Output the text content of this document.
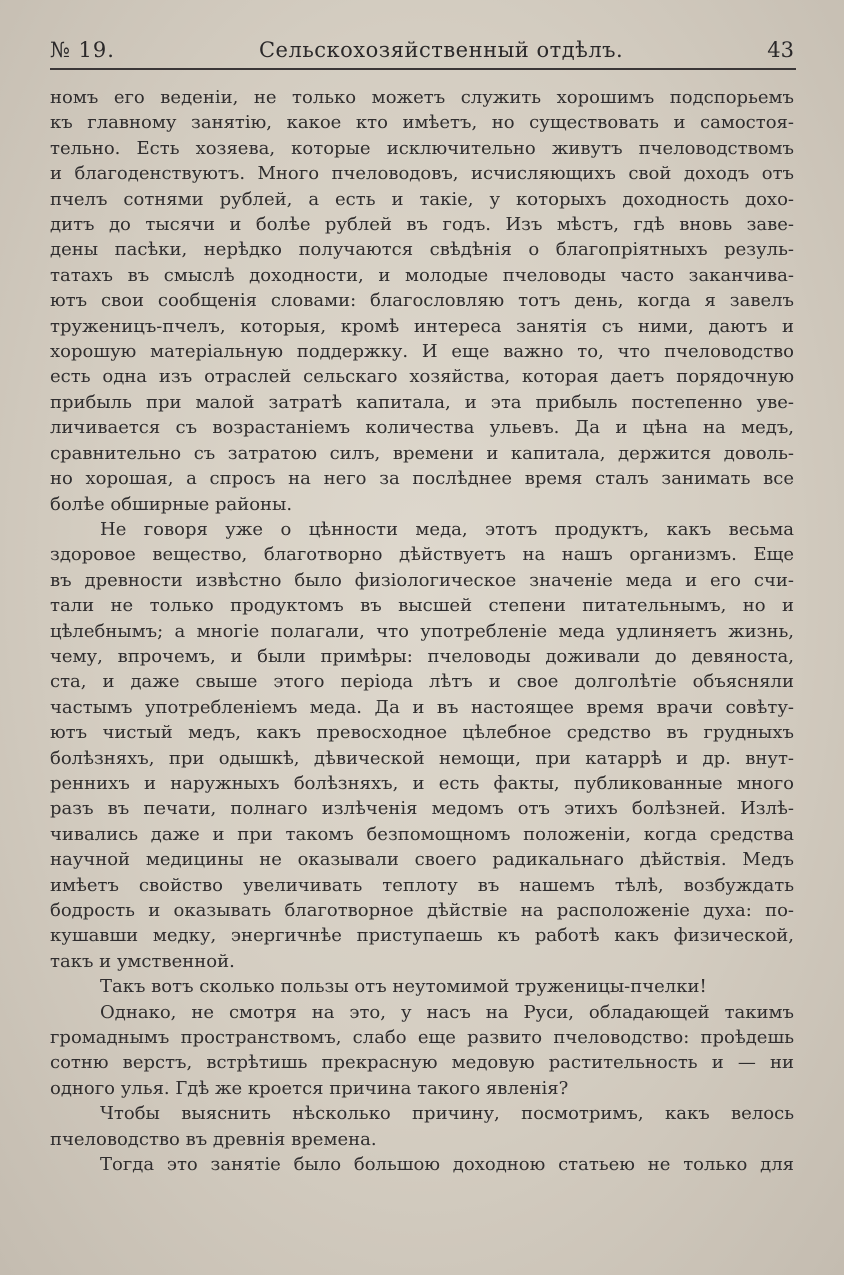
№ 19.	Сельскохозяйственный отдѣлъ.	43
номъ его веденіи, не только можетъ служить хорошимъ подспорьемъ
къ главному занятію, какое кто имѣетъ, но существовать и самостоя-
тельно. Есть хозяева, которые исключительно живутъ пчеловодствомъ
и благоденствуютъ. Много пчеловодовъ, исчисляющихъ свой доходъ отъ
пчелъ сотнями рублей, а есть и такіе, у которыхъ доходность дохо-
дитъ до тысячи и болѣе рублей въ годъ. Изъ мѣстъ, гдѣ вновь заве-
дены пасѣки, нерѣдко получаются свѣдѣнія о благопріятныхъ резуль-
татахъ въ смыслѣ доходности, и молодые пчеловоды часто заканчива-
ютъ свои сообщенія словами: благословляю тотъ день, когда я завелъ
труженицъ-пчелъ, которыя, кромѣ интереса занятія съ ними, даютъ и
хорошую матеріальную поддержку. И еще важно то, что пчеловодство
есть одна изъ отраслей сельскаго хозяйства, которая даетъ порядочную
прибыль при малой затратѣ капитала, и эта прибыль постепенно уве-
личивается съ возрастаніемъ количества ульевъ. Да и цѣна на медъ,
сравнительно съ затратою силъ, времени и капитала, держится доволь-
но хорошая, а спросъ на него за послѣднее время сталъ занимать все
болѣе обширные районы.
Не говоря уже о цѣнности меда, этотъ продуктъ, какъ весьма
здоровое вещество, благотворно дѣйствуетъ на нашъ организмъ. Еще
въ древности извѣстно было физіологическое значеніе меда и его счи-
тали не только продуктомъ въ высшей степени питательнымъ, но и
цѣлебнымъ; а многіе полагали, что употребленіе меда удлиняетъ жизнь,
чему, впрочемъ, и были примѣры: пчеловоды доживали до девяноста,
ста, и даже свыше этого періода лѣтъ и свое долголѣтіе объясняли
частымъ употребленіемъ меда. Да и въ настоящее время врачи совѣту-
ютъ чистый медъ, какъ превосходное цѣлебное средство въ грудныхъ
болѣзняхъ, при одышкѣ, дѣвической немощи, при катаррѣ и др. внут-
реннихъ и наружныхъ болѣзняхъ, и есть факты, публикованные много
разъ въ печати, полнаго излѣченія медомъ отъ этихъ болѣзней. Излѣ-
чивались даже и при такомъ безпомощномъ положеніи, когда средства
научной медицины не оказывали своего радикальнаго дѣйствія. Медъ
имѣетъ свойство увеличивать теплоту въ нашемъ тѣлѣ, возбуждать
бодрость и оказывать благотворное дѣйствіе на расположеніе духа: по-
кушавши медку, энергичнѣе приступаешь къ работѣ какъ физической,
такъ и умственной.
Такъ вотъ сколько пользы отъ неутомимой труженицы-пчелки!
Однако, не смотря на это, у насъ на Руси, обладающей такимъ
громаднымъ пространствомъ, слабо еще развито пчеловодство: проѣдешь
сотню верстъ, встрѣтишь прекрасную медовую растительность и — ни
одного улья. Гдѣ же кроется причина такого явленія?
Чтобы выяснить нѣсколько причину, посмотримъ, какъ велось
пчеловодство въ древнія времена.
Тогда это занятіе было большою доходною статьею не только для
